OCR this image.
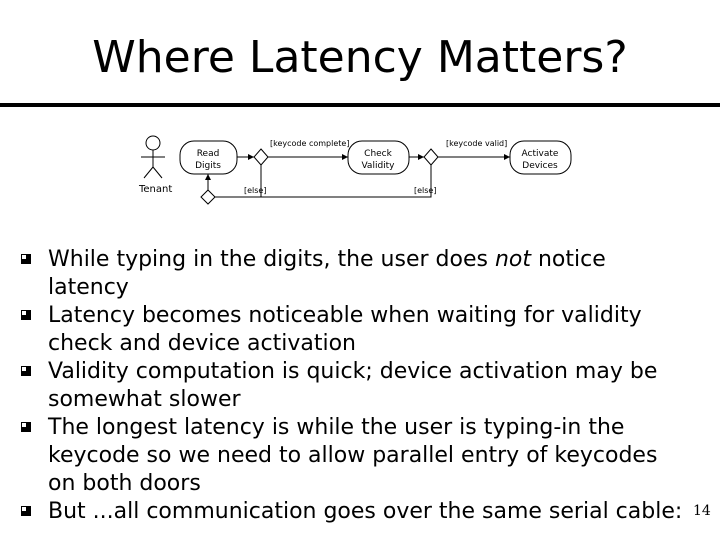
Where Latency Matters?
Tenant
Read
Digits
Check
Validity
Activate
Devices
[keycode complete]	[keycode valid]
[else]	[else]
While typing in the digits, the user does not notice latency
Latency becomes noticeable when waiting for validity check and device activation
Validity computation is quick; device activation may be somewhat slower
The longest latency is while the user is typing-in the keycode so we need to allow parallel entry of keycodes on both doors
But ...all communication goes over the same serial cable: 14
